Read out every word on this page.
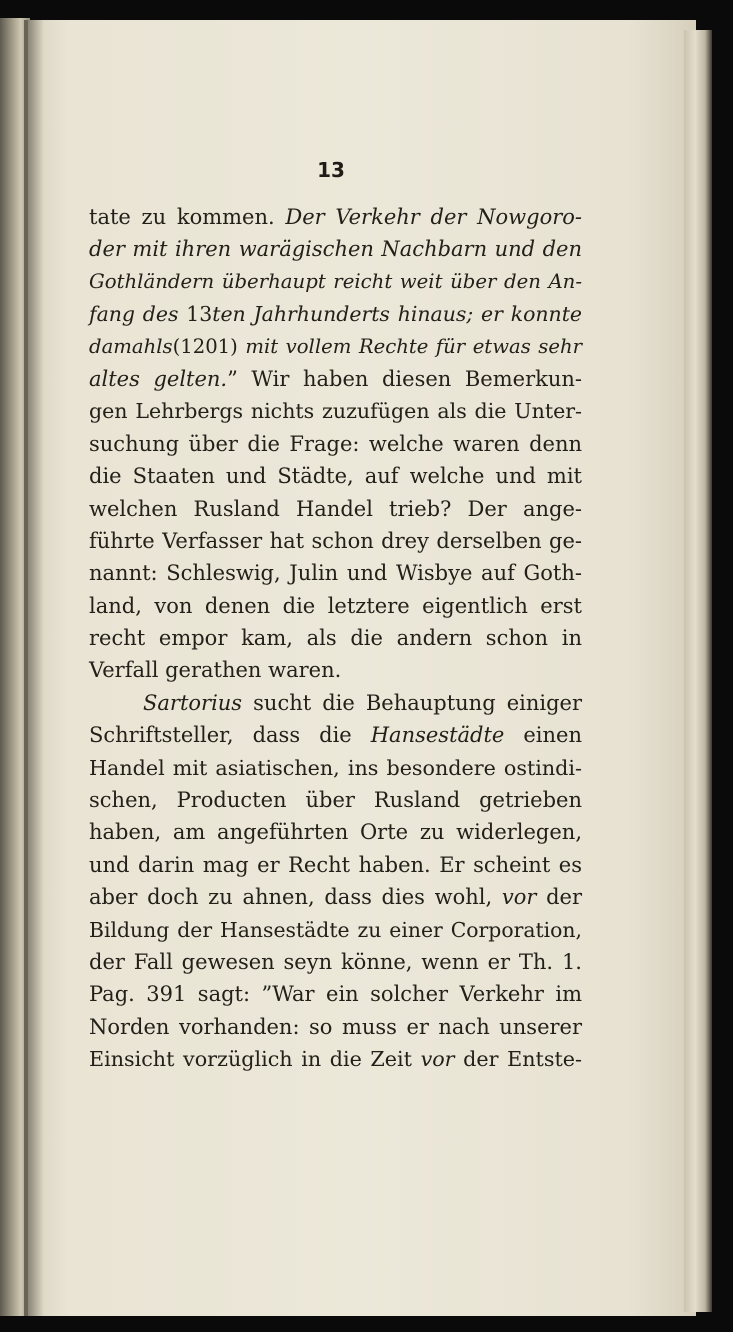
13
tate zu kommen. Der Verkehr der Nowgoro-
der mit ihren warägischen Nachbarn und den
Gothländern überhaupt reicht weit über den An-
fang des 13ten Jahrhunderts hinaus; er konnte
damahls(1201) mit vollem Rechte für etwas sehr
altes gelten.” Wir haben diesen Bemerkun-
gen Lehrbergs nichts zuzufügen als die Unter-
suchung über die Frage: welche waren denn
die Staaten und Städte, auf welche und mit
welchen Rusland Handel trieb? Der ange-
führte Verfasser hat schon drey derselben ge-
nannt: Schleswig, Julin und Wisbye auf Goth-
land, von denen die letztere eigentlich erst
recht empor kam, als die andern schon in
Verfall gerathen waren.
Sartorius sucht die Behauptung einiger
Schriftsteller, dass die Hansestädte einen
Handel mit asiatischen, ins besondere ostindi-
schen, Producten über Rusland getrieben
haben, am angeführten Orte zu widerlegen,
und darin mag er Recht haben. Er scheint es
aber doch zu ahnen, dass dies wohl, vor der
Bildung der Hansestädte zu einer Corporation,
der Fall gewesen seyn könne, wenn er Th. 1.
Pag. 391 sagt: ”War ein solcher Verkehr im
Norden vorhanden: so muss er nach unserer
Einsicht vorzüglich in die Zeit vor der Entste-
